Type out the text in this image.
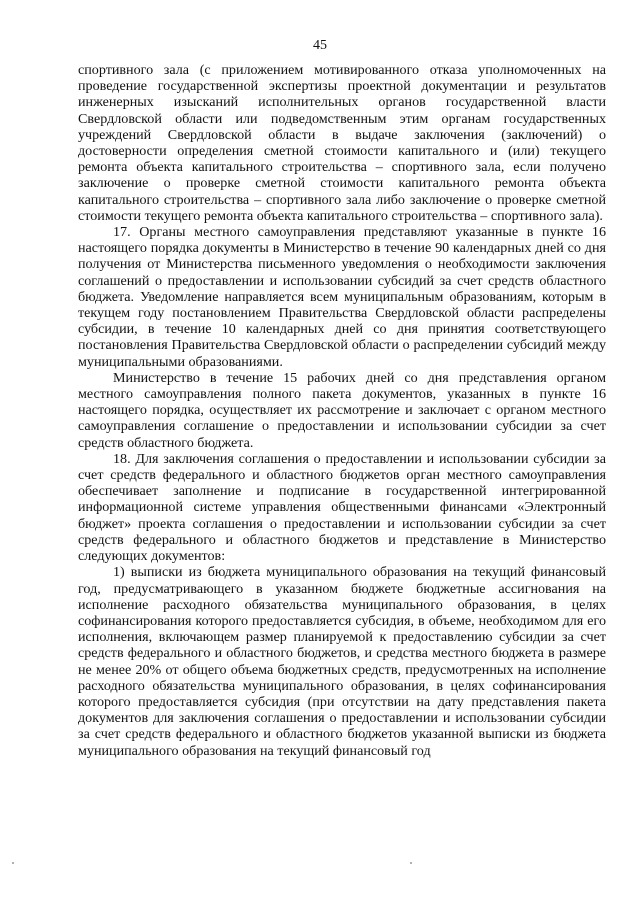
45

спортивного зала (с приложением мотивированного отказа уполномоченных на проведение государственной экспертизы проектной документации и результатов инженерных изысканий исполнительных органов государственной власти Свердловской области или подведомственным этим органам государственных учреждений Свердловской области в выдаче заключения (заключений) о достоверности определения сметной стоимости капитального и (или) текущего ремонта объекта капитального строительства – спортивного зала, если получено заключение о проверке сметной стоимости капитального ремонта объекта капитального строительства – спортивного зала либо заключение о проверке сметной стоимости текущего ремонта объекта капитального строительства – спортивного зала).

17. Органы местного самоуправления представляют указанные в пункте 16 настоящего порядка документы в Министерство в течение 90 календарных дней со дня получения от Министерства письменного уведомления о необходимости заключения соглашений о предоставлении и использовании субсидий за счет средств областного бюджета. Уведомление направляется всем муниципальным образованиям, которым в текущем году постановлением Правительства Свердловской области распределены субсидии, в течение 10 календарных дней со дня принятия соответствующего постановления Правительства Свердловской области о распределении субсидий между муниципальными образованиями.

Министерство в течение 15 рабочих дней со дня представления органом местного самоуправления полного пакета документов, указанных в пункте 16 настоящего порядка, осуществляет их рассмотрение и заключает с органом местного самоуправления соглашение о предоставлении и использовании субсидии за счет средств областного бюджета.

18. Для заключения соглашения о предоставлении и использовании субсидии за счет средств федерального и областного бюджетов орган местного самоуправления обеспечивает заполнение и подписание в государственной интегрированной информационной системе управления общественными финансами «Электронный бюджет» проекта соглашения о предоставлении и использовании субсидии за счет средств федерального и областного бюджетов и представление в Министерство следующих документов:

1) выписки из бюджета муниципального образования на текущий финансовый год, предусматривающего в указанном бюджете бюджетные ассигнования на исполнение расходного обязательства муниципального образования, в целях софинансирования которого предоставляется субсидия, в объеме, необходимом для его исполнения, включающем размер планируемой к предоставлению субсидии за счет средств федерального и областного бюджетов, и средства местного бюджета в размере не менее 20% от общего объема бюджетных средств, предусмотренных на исполнение расходного обязательства муниципального образования, в целях софинансирования которого предоставляется субсидия (при отсутствии на дату представления пакета документов для заключения соглашения о предоставлении и использовании субсидии за счет средств федерального и областного бюджетов указанной выписки из бюджета муниципального образования на текущий финансовый год
